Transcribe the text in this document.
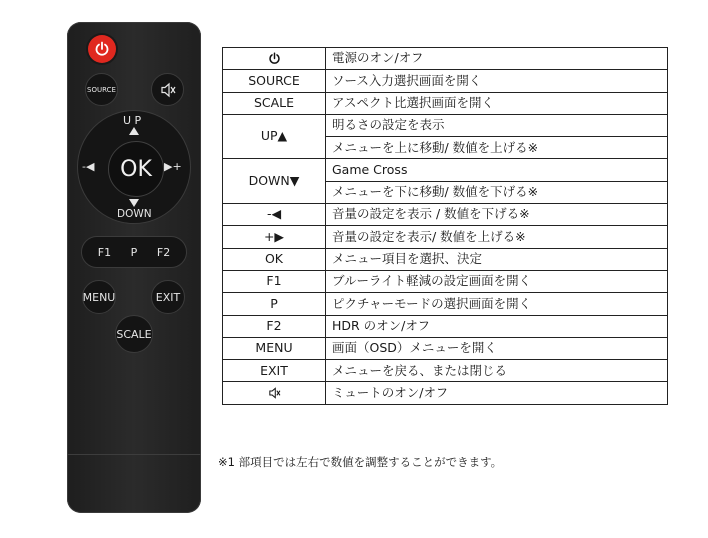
SOURCE
U P
-◀ OK ▶+
DOWN
F1 P F2
MENU	EXIT
SCALE
	電源のオン/オフ
SOURCE	ソース入力選択画面を開く
SCALE	アスペクト比選択画面を開く
UP▲	明るさの設定を表示
	メニューを上に移動/ 数値を上げる※
DOWN▼	Game Cross
	メニューを下に移動/ 数値を下げる※
-◀	音量の設定を表示 / 数値を下げる※
+▶	音量の設定を表示/ 数値を上げる※
OK	メニュー項目を選択、決定
F1	ブルーライト軽減の設定画面を開く
P	ピクチャーモードの選択画面を開く
F2	HDR のオン/オフ
MENU	画面（OSD）メニューを開く
EXIT	メニューを戻る、または閉じる
	ミュートのオン/オフ
※1 部項目では左右で数値を調整することができます。
